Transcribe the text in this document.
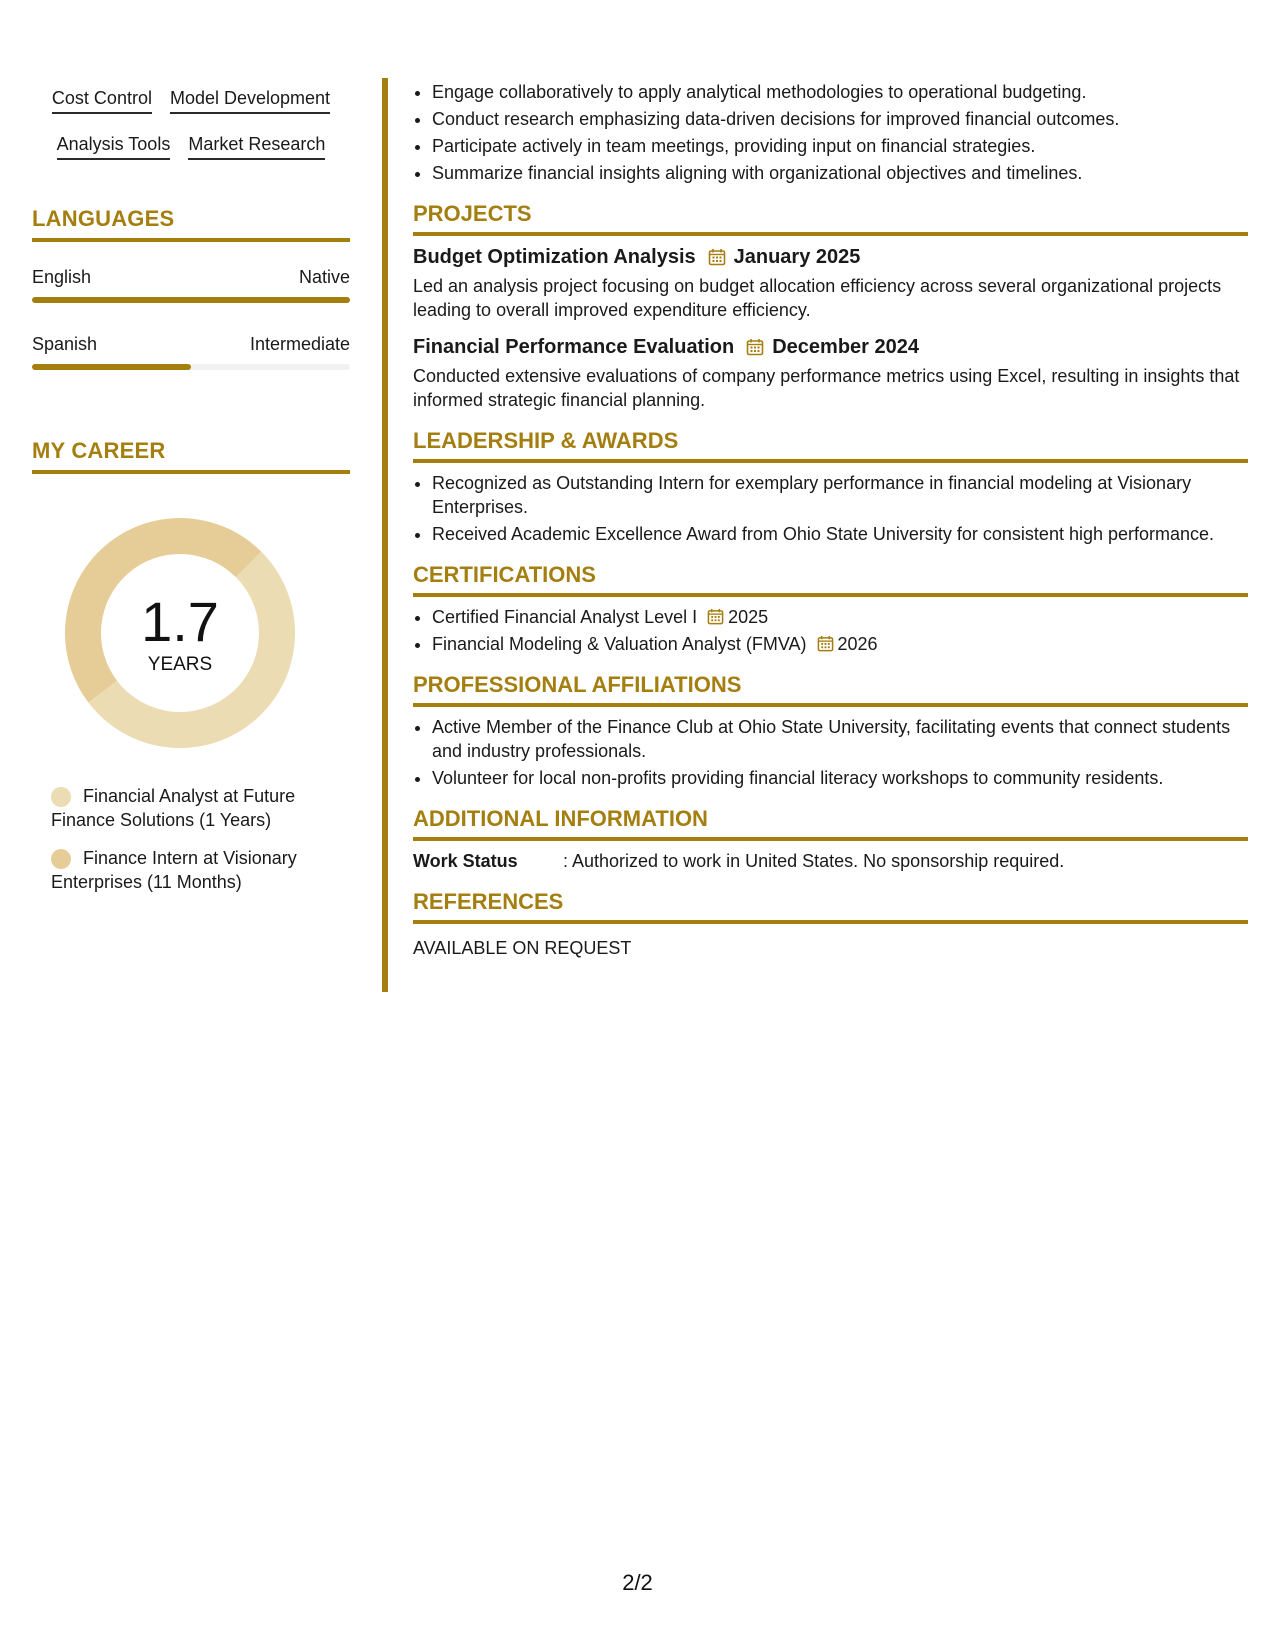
Cost Control Model Development
Analysis Tools Market Research
LANGUAGES
English	Native
Spanish	Intermediate
MY CAREER
1.7
YEARS
Financial Analyst at Future Finance Solutions (1 Years)
Finance Intern at Visionary Enterprises (11 Months)
• Engage collaboratively to apply analytical methodologies to operational budgeting.
• Conduct research emphasizing data-driven decisions for improved financial outcomes.
• Participate actively in team meetings, providing input on financial strategies.
• Summarize financial insights aligning with organizational objectives and timelines.
PROJECTS
Budget Optimization Analysis January 2025
Led an analysis project focusing on budget allocation efficiency across several organizational projects leading to overall improved expenditure efficiency.
Financial Performance Evaluation December 2024
Conducted extensive evaluations of company performance metrics using Excel, resulting in insights that informed strategic financial planning.
LEADERSHIP & AWARDS
• Recognized as Outstanding Intern for exemplary performance in financial modeling at Visionary Enterprises.
• Received Academic Excellence Award from Ohio State University for consistent high performance.
CERTIFICATIONS
• Certified Financial Analyst Level I 2025
• Financial Modeling & Valuation Analyst (FMVA) 2026
PROFESSIONAL AFFILIATIONS
• Active Member of the Finance Club at Ohio State University, facilitating events that connect students and industry professionals.
• Volunteer for local non-profits providing financial literacy workshops to community residents.
ADDITIONAL INFORMATION
Work Status	: Authorized to work in United States. No sponsorship required.
REFERENCES
AVAILABLE ON REQUEST
2/2
